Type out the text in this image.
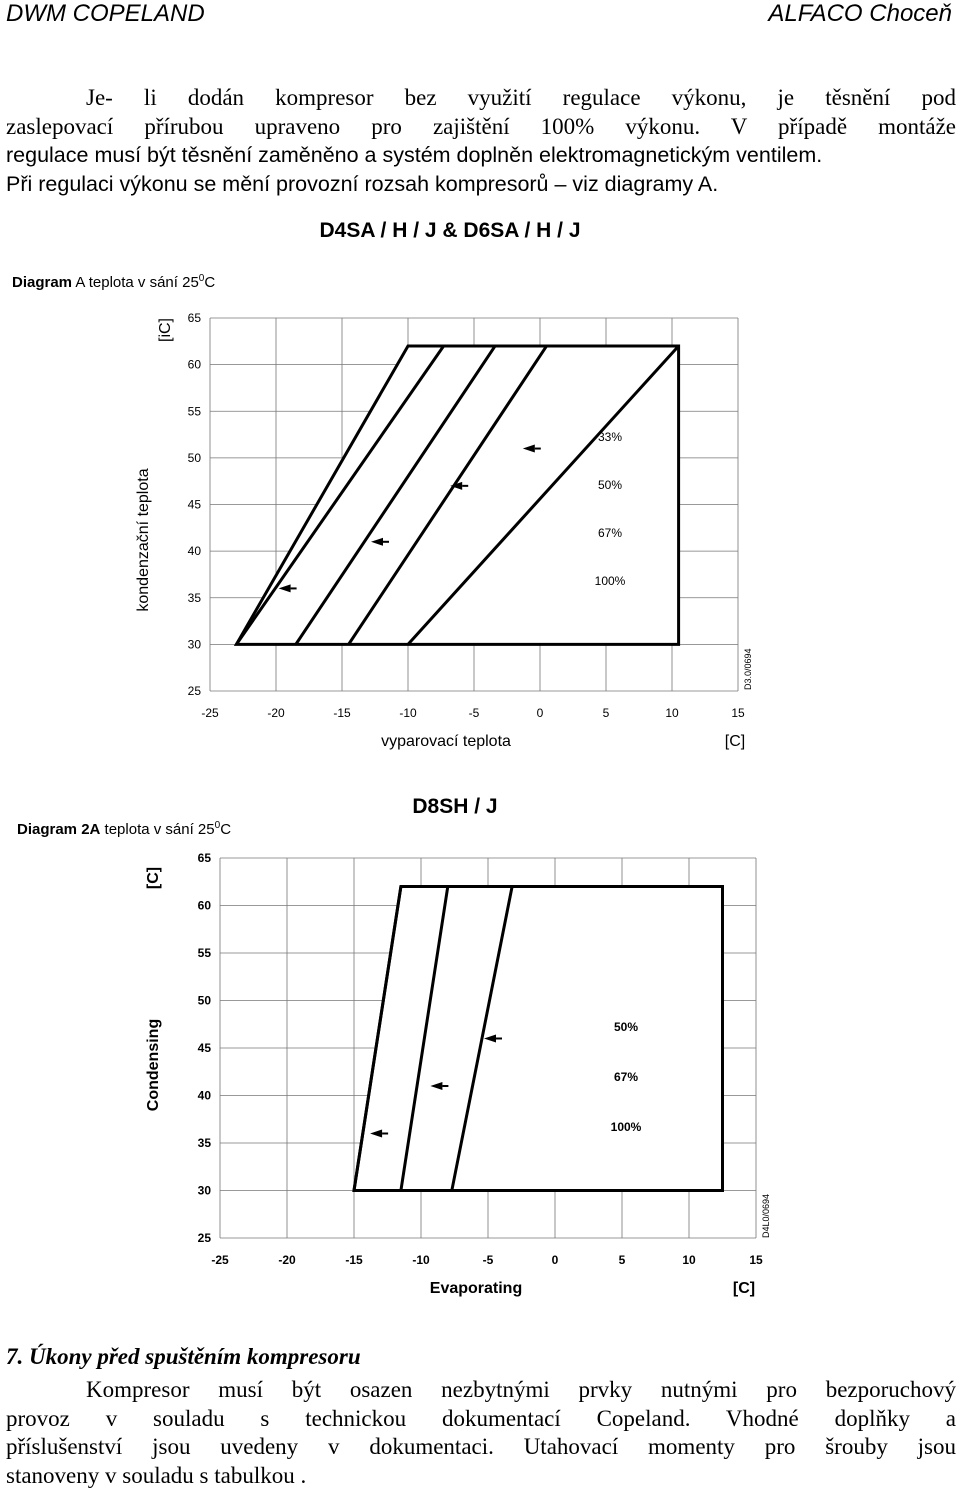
DWM COPELAND	ALFACO Choceň
Je- li dodán kompresor bez využití regulace výkonu, je těsnění pod
zaslepovací přírubou upraveno pro zajištění 100% výkonu. V případě montáže
regulace musí být těsnění zaměněno a systém doplněn elektromagnetickým ventilem.
Při regulaci výkonu se mění provozní rozsah kompresorů – viz diagramy A.
D4SA / H / J & D6SA / H / J
Diagram A teplota v sání $25^0C$
-25	-20	-15	-10	-5	0	5	10	15
25
30
35
40
45
50
55
60
65
100%
67%
50%
33%
kondenzační teplota
[iC]
vyparovací teplota	[C]
D3.0/0694
D8SH / J
Diagram 2A teplota v sání $25^0C$
-25	-20	-15	-10	-5	0	5	10	15
25
30
35
40
45
50
55
60
65
100%
67%
50%
Condensing
[C]
Evaporating	[C]
D4L0/0694
7. Úkony před spuštěním kompresoru
Kompresor musí být osazen nezbytnými prvky nutnými pro bezporuchový
provoz v souladu s technickou dokumentací Copeland. Vhodné doplňky a
příslušenství jsou uvedeny v dokumentaci. Utahovací momenty pro šrouby jsou
stanoveny v souladu s tabulkou .
